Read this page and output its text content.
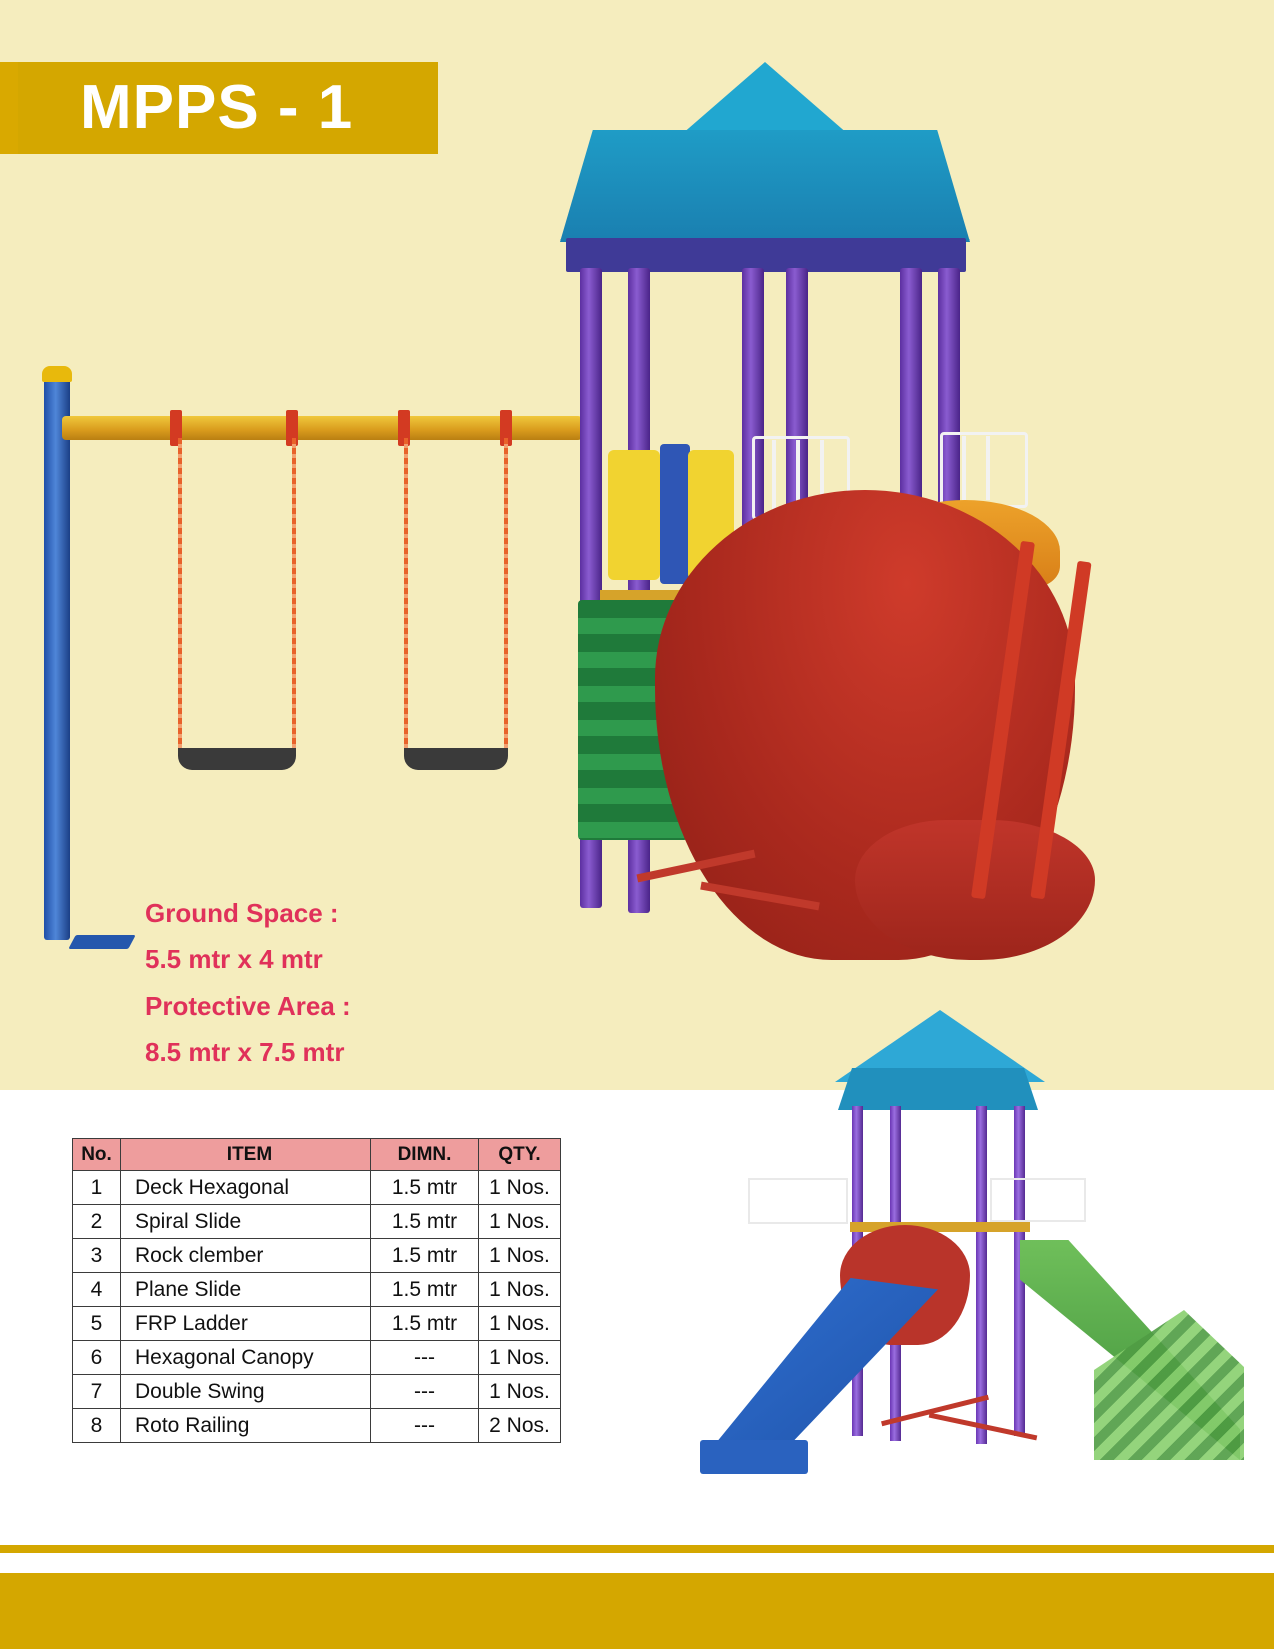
MPPS - 1
Ground Space :
5.5 mtr x 4 mtr
Protective Area :
8.5 mtr x 7.5 mtr
No.	ITEM	DIMN.	QTY.
1	Deck Hexagonal	1.5 mtr	1 Nos.
2	Spiral Slide	1.5 mtr	1 Nos.
3	Rock clember	1.5 mtr	1 Nos.
4	Plane Slide	1.5 mtr	1 Nos.
5	FRP Ladder	1.5 mtr	1 Nos.
6	Hexagonal Canopy	---	1 Nos.
7	Double Swing	---	1 Nos.
8	Roto Railing	---	2 Nos.
